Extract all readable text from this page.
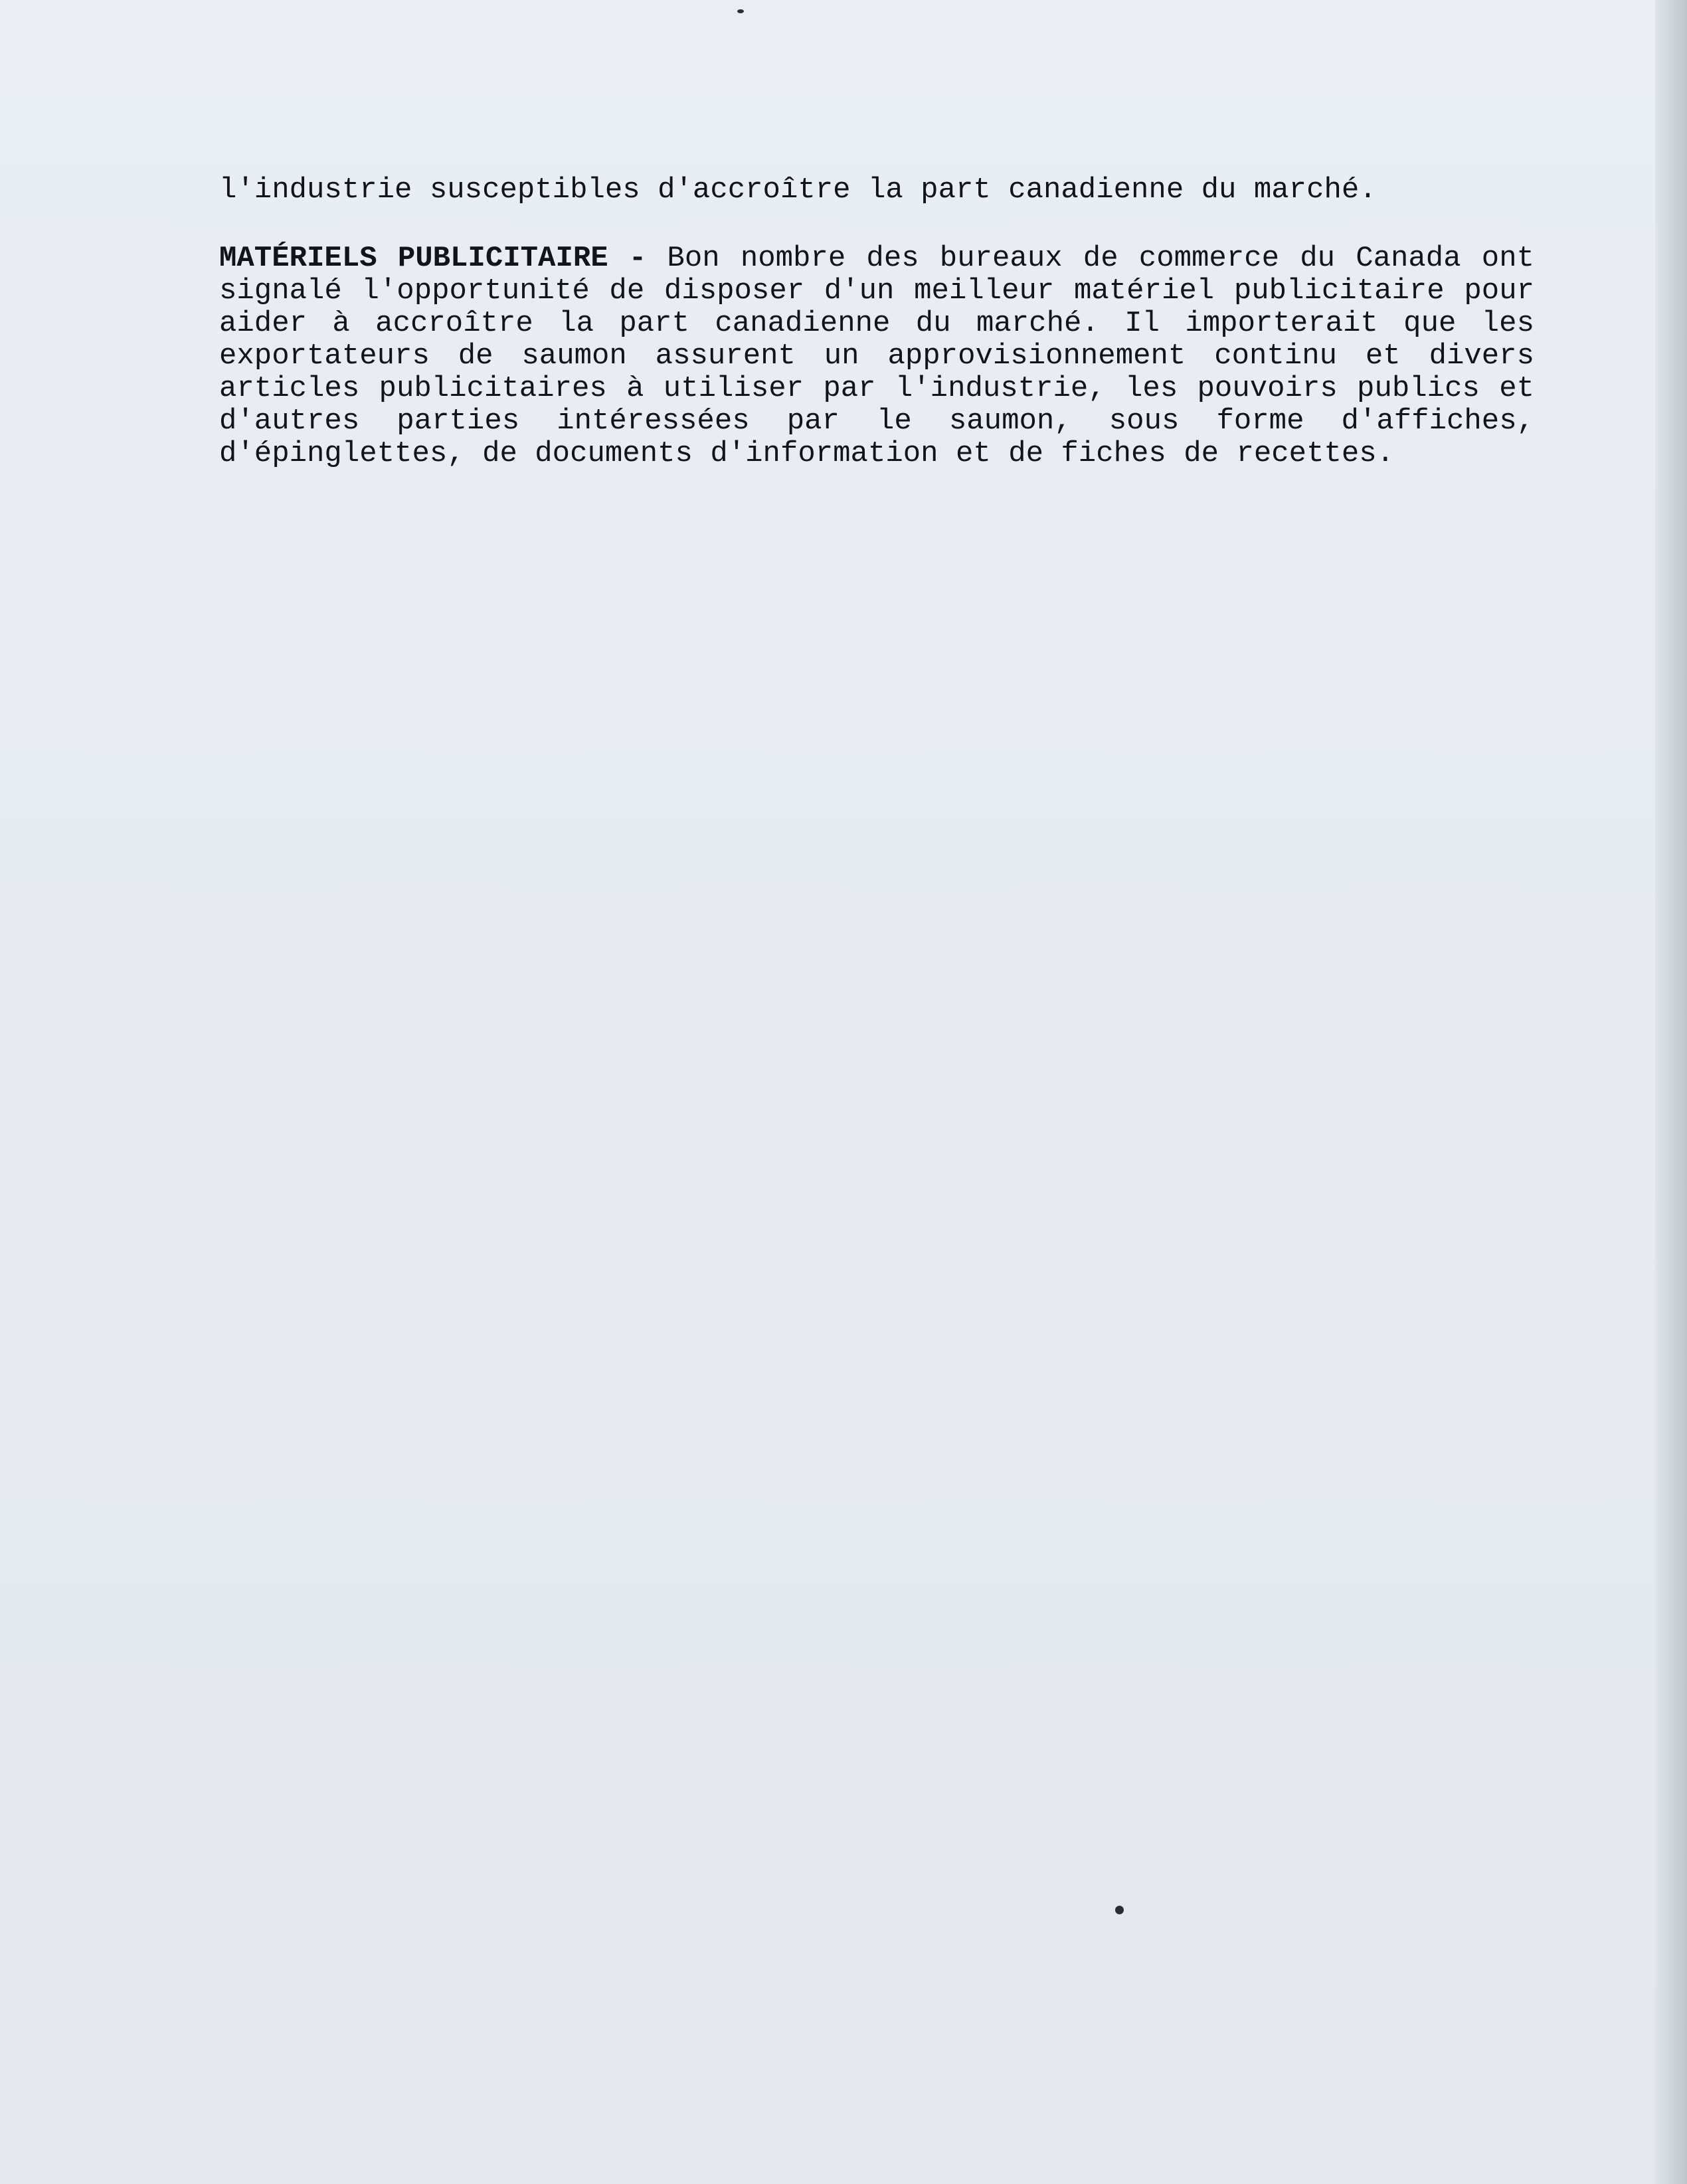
l'industrie susceptibles d'accroître la part canadienne du marché.

MATÉRIELS PUBLICITAIRE - Bon nombre des bureaux de commerce du Canada ont signalé l'opportunité de disposer d'un meilleur matériel publicitaire pour aider à accroître la part canadienne du marché. Il importerait que les exportateurs de saumon assurent un approvisionnement continu et divers articles publicitaires à utiliser par l'industrie, les pouvoirs publics et d'autres parties intéressées par le saumon, sous forme d'affiches, d'épinglettes, de documents d'information et de fiches de recettes.
